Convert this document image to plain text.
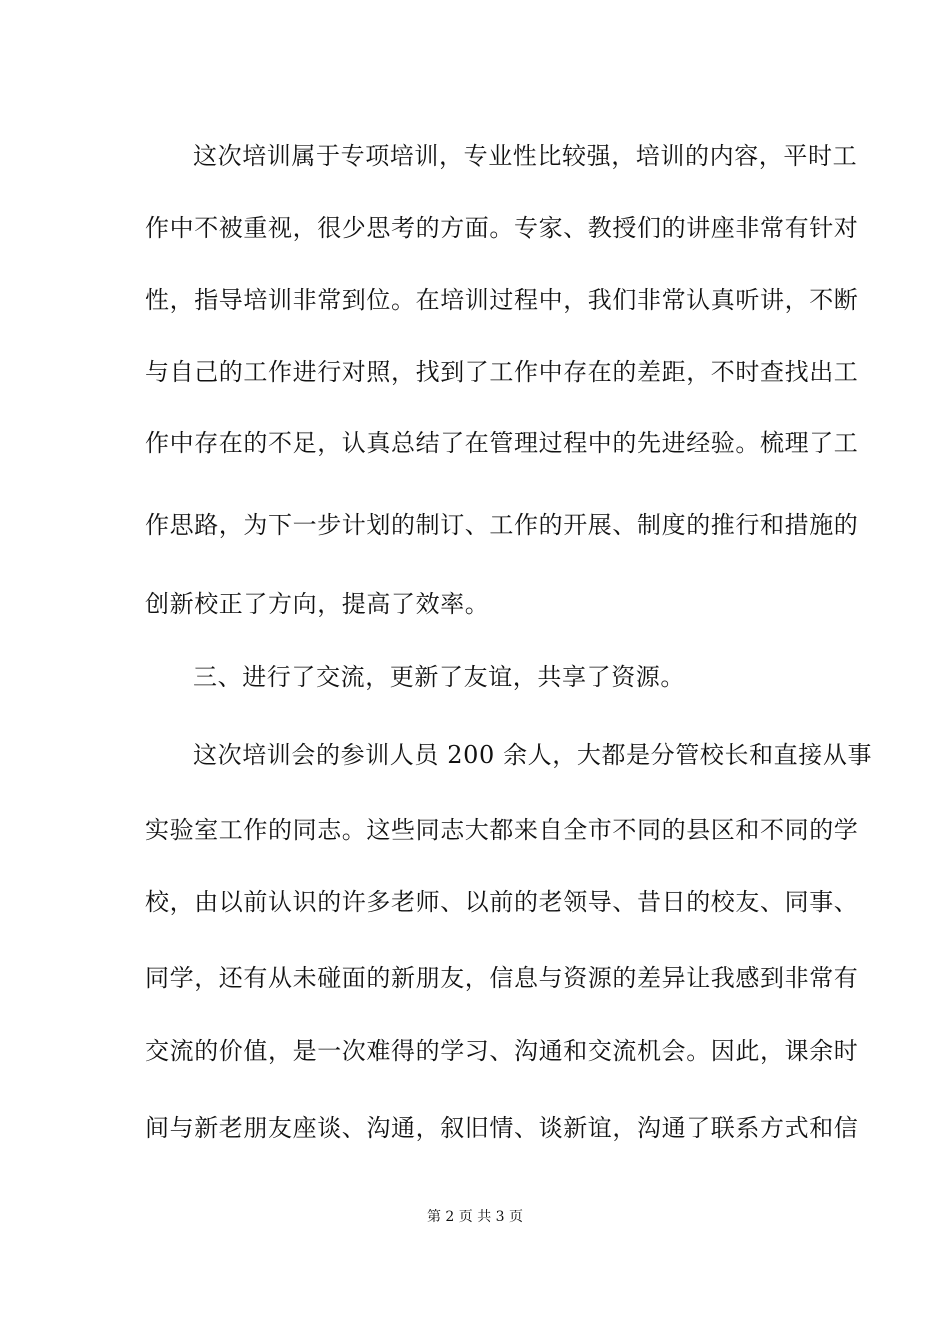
这次培训属于专项培训，专业性比较强，培训的内容，平时工
作中不被重视，很少思考的方面。专家、教授们的讲座非常有针对
性，指导培训非常到位。在培训过程中，我们非常认真听讲，不断
与自己的工作进行对照，找到了工作中存在的差距，不时查找出工
作中存在的不足，认真总结了在管理过程中的先进经验。梳理了工
作思路，为下一步计划的制订、工作的开展、制度的推行和措施的
创新校正了方向，提高了效率。
三、进行了交流，更新了友谊，共享了资源。
这次培训会的参训人员 200 余人，大都是分管校长和直接从事
实验室工作的同志。这些同志大都来自全市不同的县区和不同的学
校，由以前认识的许多老师、以前的老领导、昔日的校友、同事、
同学，还有从未碰面的新朋友，信息与资源的差异让我感到非常有
交流的价值，是一次难得的学习、沟通和交流机会。因此，课余时
间与新老朋友座谈、沟通，叙旧情、谈新谊，沟通了联系方式和信
第 2 页 共 3 页
